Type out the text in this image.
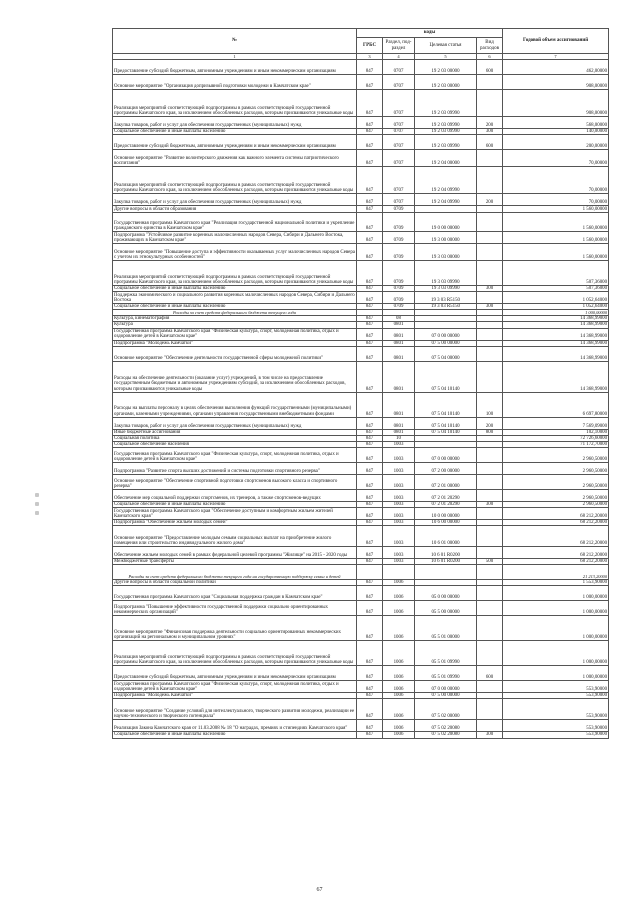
№	коды				Годовой объем ассигнований
	ГРБС	Раздел, под-раздел	Целевая статья	Вид расходов	
1	3	4	5	6	7
Предоставление субсидий бюджетным, автономным учреждениям и иным некоммерческим организациям	847	0707	19 2 03 00000	600	462,00000
Основное мероприятие "Организация допризывной подготовки молодежи в Камчатском крае"	847	0707	19 2 03 00000		908,00000
Реализация мероприятий соответствующей подпрограммы в рамках соответствующей государственной программы Камчатского края, за исключением обособленных расходов, которым присваиваются уникальные коды	847	0707	19 2 03 09990		908,00000
Закупка товаров, работ и услуг для обеспечения государственных (муниципальных) нужд	847	0707	19 2 03 09990	200	568,00000
Социальное обеспечение и иные выплаты населению	847	0707	19 2 03 09990	300	140,00000
Предоставление субсидий бюджетным, автономным учреждениям и иным некоммерческим организациям	847	0707	19 2 03 09990	600	200,00000
Основное мероприятие "Развитие волонтерского движения как важного элемента системы патриотического воспитания"	847	0707	19 2 04 00000		70,00000
Реализация мероприятий соответствующей подпрограммы в рамках соответствующей государственной программы Камчатского края, за исключением обособленных расходов, которым присваиваются уникальные коды	847	0707	19 2 04 09990		70,00000
Закупка товаров, работ и услуг для обеспечения государственных (муниципальных) нужд	847	0707	19 2 04 09990	200	70,00000
Другие вопросы в области образования	847	0709			1 560,00000
Государственная программа Камчатского края "Реализация государственной национальной политики и укрепление гражданского единства в Камчатском крае"	847	0709	19 0 00 00000		1 560,00000
Подпрограмма "Устойчивое развитие коренных малочисленных народов Севера, Сибири и Дальнего Востока, проживающих в Камчатском крае"	847	0709	19 3 00 00000		1 560,00000
Основное мероприятие "Повышение доступа и эффективности оказываемых услуг малочисленных народов Севера с учетом их этнокультурных особенностей"	847	0709	19 3 03 00000		1 560,00000
Реализация мероприятий соответствующей подпрограммы в рамках соответствующей государственной программы Камчатского края, за исключением обособленных расходов, которым присваиваются уникальные коды	847	0709	19 3 03 09990		507,36000
Социальное обеспечение и иные выплаты населению	847	0709	19 3 03 09990	300	507,36000
Поддержка экономического и социального развития коренных малочисленных народов Севера, Сибири и Дальнего Востока	847	0709	19 3 03 R5150		1 052,64000
Социальное обеспечение и иные выплаты населению	847	0709	19 3 03 R5150	300	1 052,64000
Расходы за счет средств федерального бюджета текущего года					1 000,00000
Культура, кинематография	847	08			14 368,99000
Культура	847	0801			14 368,99000
Государственная программа Камчатского края "Физическая культура, спорт, молодежная политика, отдых и оздоровление детей в Камчатском крае"	847	0801	07 0 00 00000		14 368,99000
Подпрограмма "Молодежь Камчатки"	847	0801	07 5 00 00000		14 368,99000
Основное мероприятие "Обеспечение деятельности государственной сферы молодежной политики"	847	0801	07 5 04 00000		14 368,99000
Расходы на обеспечение деятельности (оказание услуг) учреждений, в том числе на предоставление государственным бюджетным и автономным учреждениям субсидий, за исключением обособленных расходов, которым присваиваются уникальные коды	847	0801	07 5 04 10140		14 368,99000
Расходы на выплаты персоналу в целях обеспечения выполнения функций государственными (муниципальными) органами, казенными учреждениями, органами управления государственными внебюджетными фондами	847	0801	07 5 04 10140	100	6 697,80000
Закупка товаров, работ и услуг для обеспечения государственных (муниципальных) нужд	847	0801	07 5 04 10140	200	7 569,09000
Иные бюджетные ассигнования	847	0801	07 5 04 10140	800	102,10000
Социальная политика	847	10			72 726,60000
Социальное обеспечение населения	847	1003			71 172,70000
Государственная программа Камчатского края "Физическая культура, спорт, молодежная политика, отдых и оздоровление детей в Камчатском крае"	847	1003	07 0 00 00000		2 960,50000
Подпрограмма "Развитие спорта высших достижений и системы подготовки спортивного резерва"	847	1003	07 2 00 00000		2 960,50000
Основное мероприятие "Обеспечение спортивной подготовки спортсменов высокого класса и спортивного резерва"	847	1003	07 2 01 00000		2 960,50000
Обеспечение мер социальной поддержки спортсменов, их тренеров, а также спортсменов-ведущих	847	1003	07 2 01 20290		2 960,50000
Социальное обеспечение и иные выплаты населению	847	1003	07 2 01 20290	300	2 960,50000
Государственная программа Камчатского края "Обеспечение доступным и комфортным жильем жителей Камчатского края"	847	1003	10 0 00 00000		68 212,20000
Подпрограмма "Обеспечение жильем молодых семей"	847	1003	10 6 00 00000		68 212,20000
Основное мероприятие "Предоставление молодым семьям социальных выплат на приобретение жилого помещения или строительство индивидуального жилого дома"	847	1003	10 6 01 00000		68 212,20000
Обеспечение жильем молодых семей в рамках федеральной целевой программы "Жилище" на 2015 - 2020 годы	847	1003	10 6 01 R0200		68 212,20000
Межбюджетные трансферты	847	1003	10 6 01 R0200	500	68 212,20000
Расходы за счет средств федерального бюджета текущего года на государственную поддержку семьи и детей					21 213,20000
Другие вопросы в области социальной политики	847	1006			1 553,90000
Государственная программа Камчатского края "Социальная поддержка граждан в Камчатском крае"	847	1006	05 0 00 00000		1 000,00000
Подпрограмма "Повышение эффективности государственной поддержки социально ориентированных некоммерческих организаций"	847	1006	05 5 00 00000		1 000,00000
Основное мероприятие "Финансовая поддержка деятельности социально ориентированных некоммерческих организаций на региональном и муниципальном уровнях"	847	1006	05 5 01 00000		1 000,00000
Реализация мероприятий соответствующей подпрограммы в рамках соответствующей государственной программы Камчатского края, за исключением обособленных расходов, которым присваиваются уникальные коды	847	1006	05 5 01 09990		1 000,00000
Предоставление субсидий бюджетным, автономным учреждениям и иным некоммерческим организациям	847	1006	05 5 01 09990	600	1 000,00000
Государственная программа Камчатского края "Физическая культура, спорт, молодежная политика, отдых и оздоровление детей в Камчатском крае"	847	1006	07 0 00 00000		553,90000
Подпрограмма "Молодежь Камчатки"	847	1006	07 5 00 00000		553,90000
Основное мероприятие "Создание условий для интеллектуального, творческого развития молодежи, реализации ее научно-технического и творческого потенциала"	847	1006	07 5 02 00000		553,90000
Реализация Закона Камчатского края от 11.03.2008 № 18 "О наградах, премиях и стипендиях Камчатского края"	847	1006	07 5 02 20080		553,90000
Социальное обеспечение и иные выплаты населению	847	1006	07 5 02 20080	300	553,90000
67
